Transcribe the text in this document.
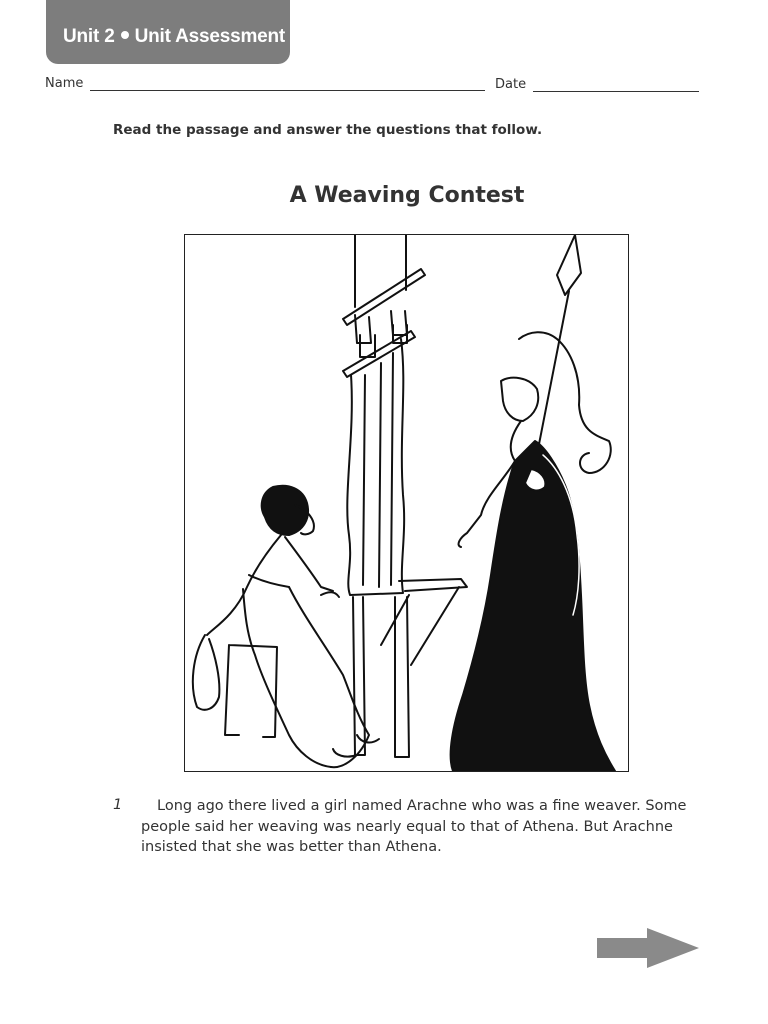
Unit 2 Unit Assessment
Name	Date
Read the passage and answer the questions that follow.
A Weaving Contest
1	Long ago there lived a girl named Arachne who was a fine weaver. Some people said her weaving was nearly equal to that of Athena. But Arachne insisted that she was better than Athena.
